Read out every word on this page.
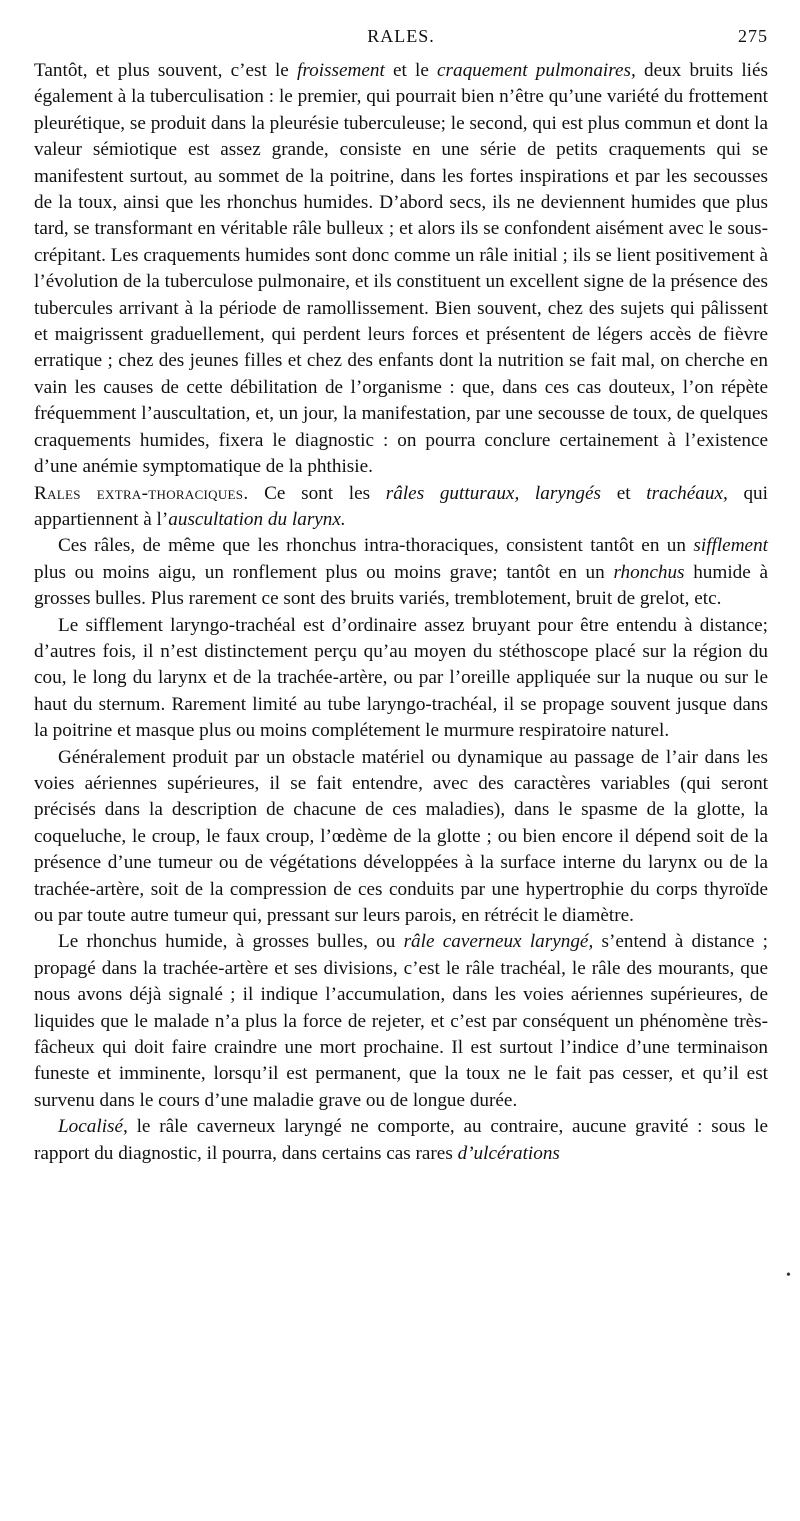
RALES.	275

Tantôt, et plus souvent, c’est le froissement et le craquement pulmonaires, deux bruits liés également à la tuberculisation : le premier, qui pourrait bien n’être qu’une variété du frottement pleurétique, se produit dans la pleurésie tuberculeuse; le second, qui est plus commun et dont la valeur sémiotique est assez grande, consiste en une série de petits craquements qui se manifestent surtout, au sommet de la poitrine, dans les fortes inspirations et par les secousses de la toux, ainsi que les rhonchus humides. D’abord secs, ils ne deviennent humides que plus tard, se transformant en véritable râle bulleux ; et alors ils se confondent aisément avec le sous-crépitant. Les craquements humides sont donc comme un râle initial ; ils se lient positivement à l’évolution de la tuberculose pulmonaire, et ils constituent un excellent signe de la présence des tubercules arrivant à la période de ramollissement. Bien souvent, chez des sujets qui pâlissent et maigrissent graduellement, qui perdent leurs forces et présentent de légers accès de fièvre erratique ; chez des jeunes filles et chez des enfants dont la nutrition se fait mal, on cherche en vain les causes de cette débilitation de l’organisme : que, dans ces cas douteux, l’on répète fréquemment l’auscultation, et, un jour, la manifestation, par une secousse de toux, de quelques craquements humides, fixera le diagnostic : on pourra conclure certainement à l’existence d’une anémie symptomatique de la phthisie.

Rales extra-thoraciques. Ce sont les râles gutturaux, laryngés et trachéaux, qui appartiennent à l’auscultation du larynx.

Ces râles, de même que les rhonchus intra-thoraciques, consistent tantôt en un sifflement plus ou moins aigu, un ronflement plus ou moins grave; tantôt en un rhonchus humide à grosses bulles. Plus rarement ce sont des bruits variés, tremblotement, bruit de grelot, etc.

Le sifflement laryngo-trachéal est d’ordinaire assez bruyant pour être entendu à distance; d’autres fois, il n’est distinctement perçu qu’au moyen du stéthoscope placé sur la région du cou, le long du larynx et de la trachée-artère, ou par l’oreille appliquée sur la nuque ou sur le haut du sternum. Rarement limité au tube laryngo-trachéal, il se propage souvent jusque dans la poitrine et masque plus ou moins complétement le murmure respiratoire naturel.

Généralement produit par un obstacle matériel ou dynamique au passage de l’air dans les voies aériennes supérieures, il se fait entendre, avec des caractères variables (qui seront précisés dans la description de chacune de ces maladies), dans le spasme de la glotte, la coqueluche, le croup, le faux croup, l’œdème de la glotte ; ou bien encore il dépend soit de la présence d’une tumeur ou de végétations développées à la surface interne du larynx ou de la trachée-artère, soit de la compression de ces conduits par une hypertrophie du corps thyroïde ou par toute autre tumeur qui, pressant sur leurs parois, en rétrécit le diamètre.

Le rhonchus humide, à grosses bulles, ou râle caverneux laryngé, s’entend à distance ; propagé dans la trachée-artère et ses divisions, c’est le râle trachéal, le râle des mourants, que nous avons déjà signalé ; il indique l’accumulation, dans les voies aériennes supérieures, de liquides que le malade n’a plus la force de rejeter, et c’est par conséquent un phénomène très-fâcheux qui doit faire craindre une mort prochaine. Il est surtout l’indice d’une terminaison funeste et imminente, lorsqu’il est permanent, que la toux ne le fait pas cesser, et qu’il est survenu dans le cours d’une maladie grave ou de longue durée.

Localisé, le râle caverneux laryngé ne comporte, au contraire, aucune gravité : sous le rapport du diagnostic, il pourra, dans certains cas rares d’ulcérations

•
